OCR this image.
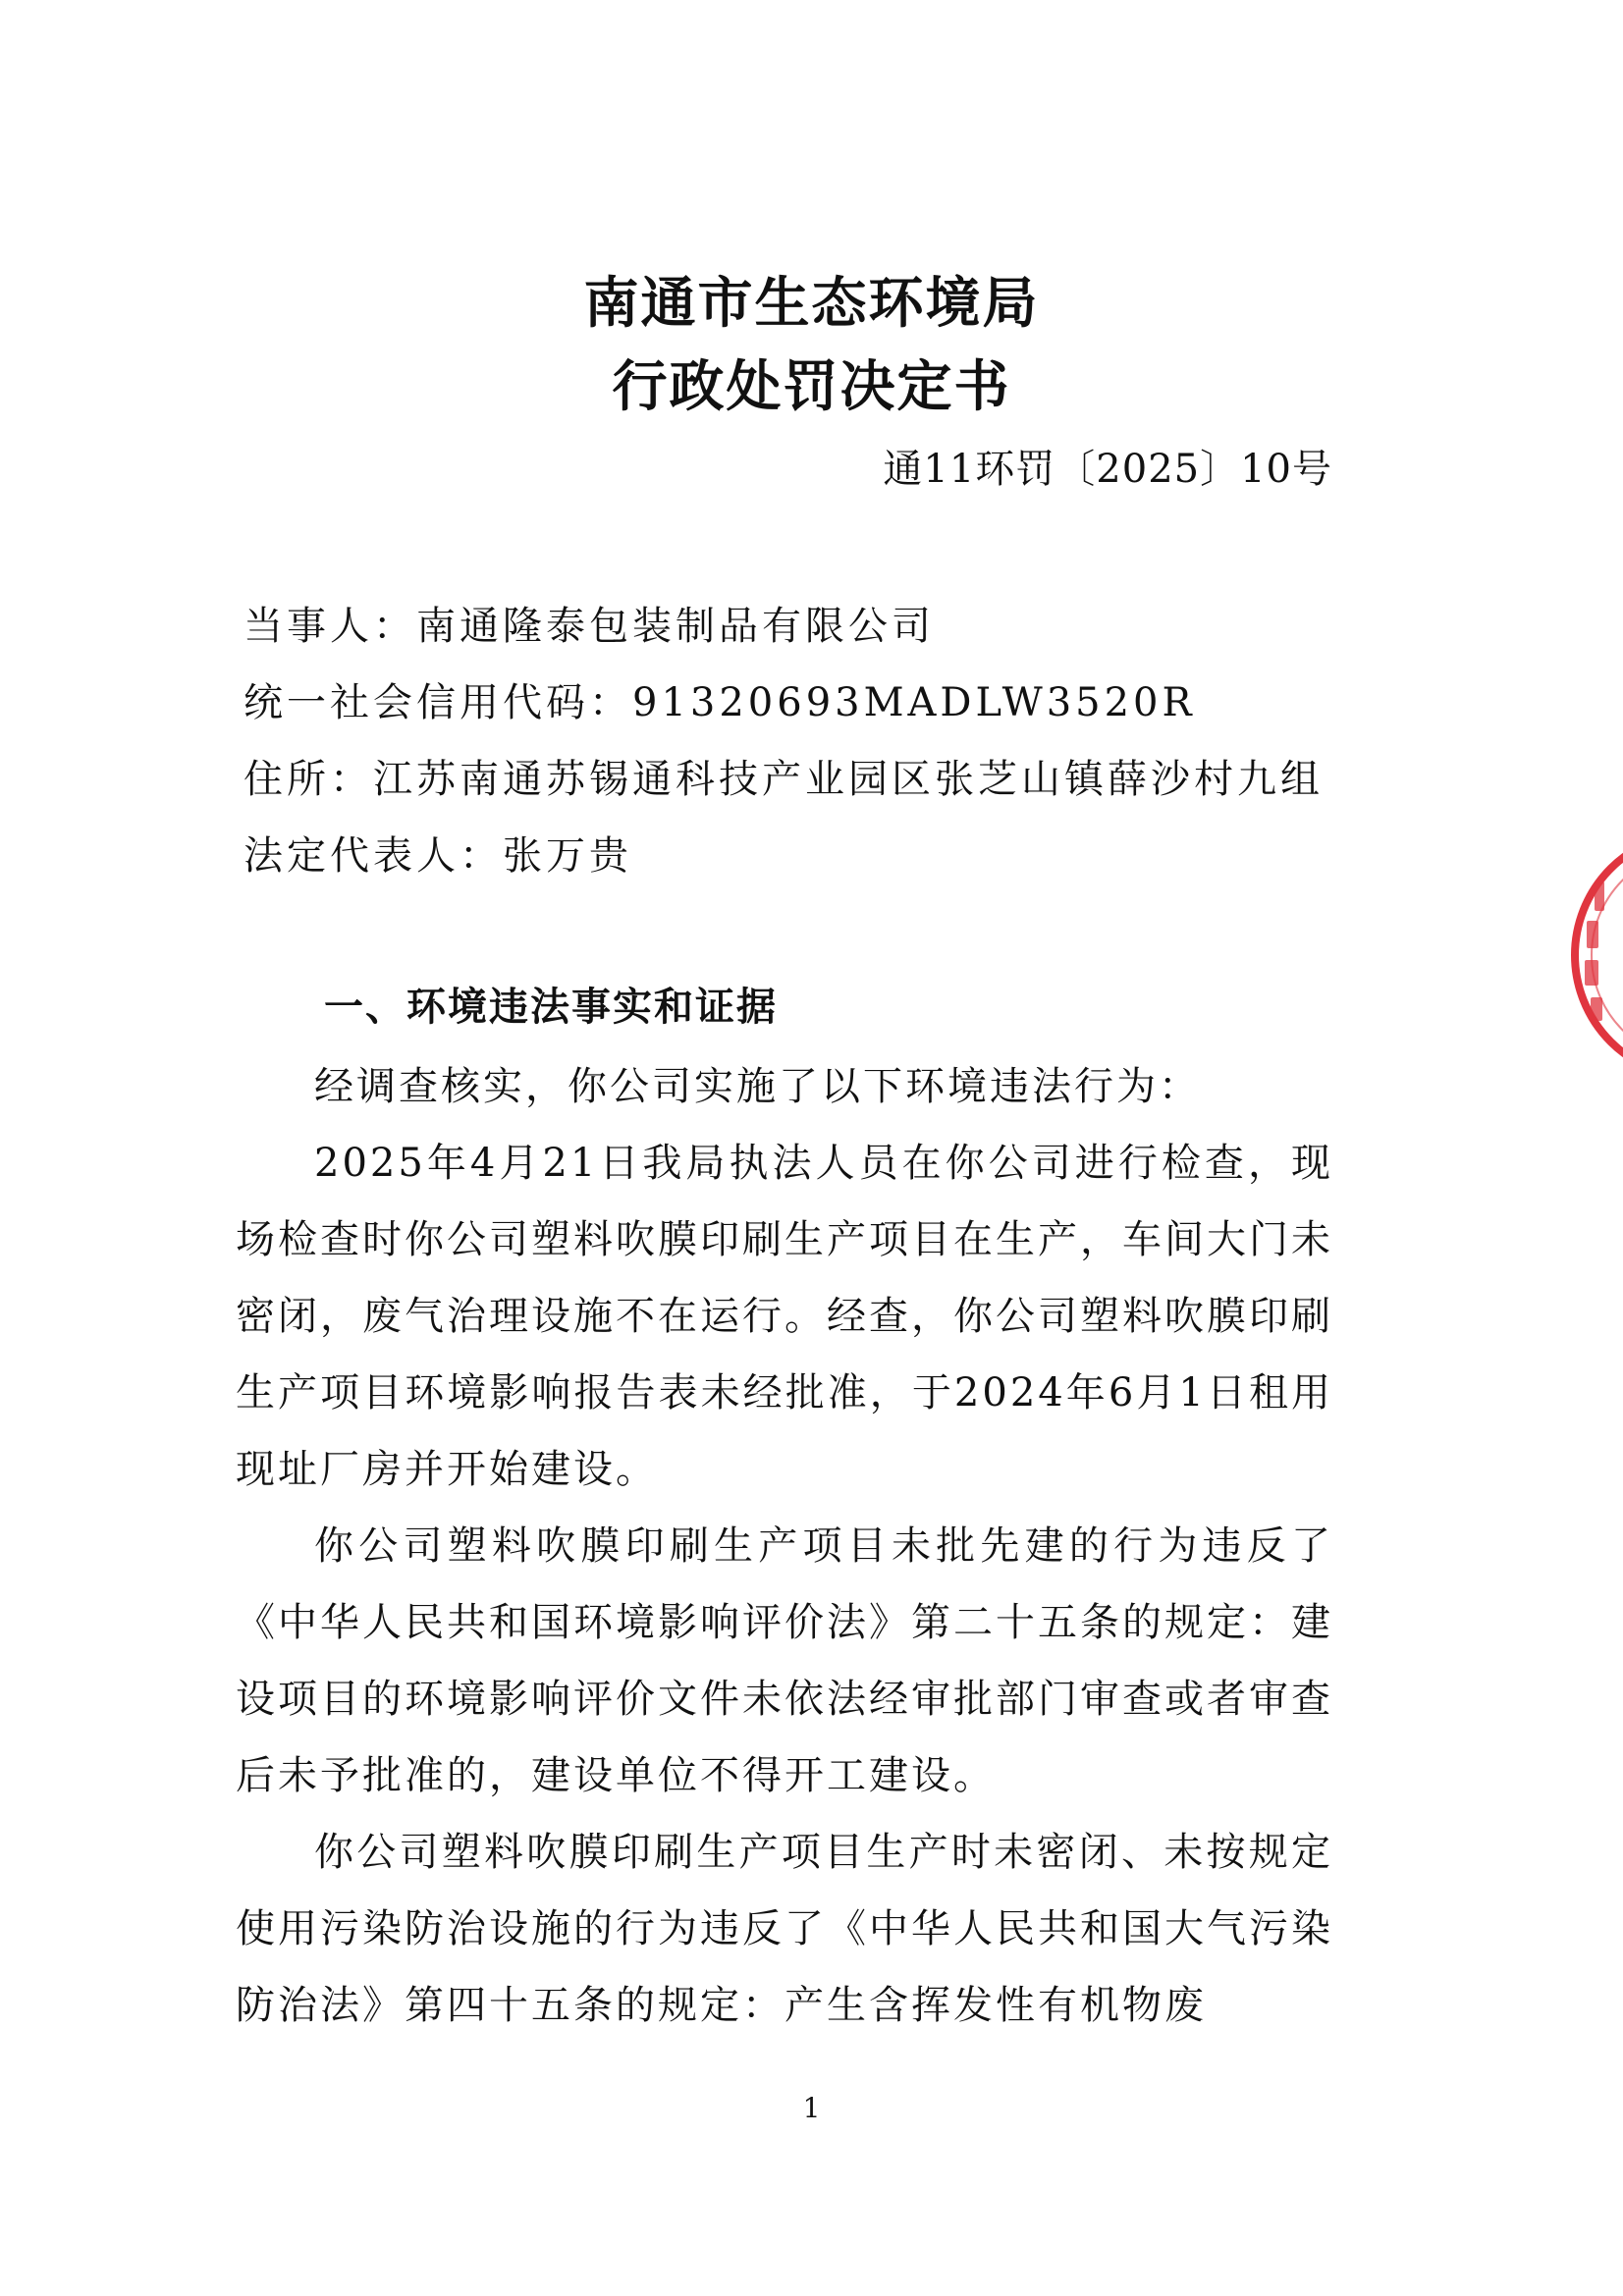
南通市生态环境局
行政处罚决定书
通11环罚〔2025〕10号
当事人：南通隆泰包装制品有限公司
统一社会信用代码：91320693MADLW3520R
住所：江苏南通苏锡通科技产业园区张芝山镇薛沙村九组
法定代表人：张万贵
一、环境违法事实和证据

经调查核实，你公司实施了以下环境违法行为：

2025年4月21日我局执法人员在你公司进行检查，现场检查时你公司塑料吹膜印刷生产项目在生产，车间大门未密闭，废气治理设施不在运行。经查，你公司塑料吹膜印刷生产项目环境影响报告表未经批准，于2024年6月1日租用现址厂房并开始建设。

你公司塑料吹膜印刷生产项目未批先建的行为违反了《中华人民共和国环境影响评价法》第二十五条的规定：建设项目的环境影响评价文件未依法经审批部门审查或者审查后未予批准的，建设单位不得开工建设。

你公司塑料吹膜印刷生产项目生产时未密闭、未按规定使用污染防治设施的行为违反了《中华人民共和国大气污染防治法》第四十五条的规定：产生含挥发性有机物废

1
